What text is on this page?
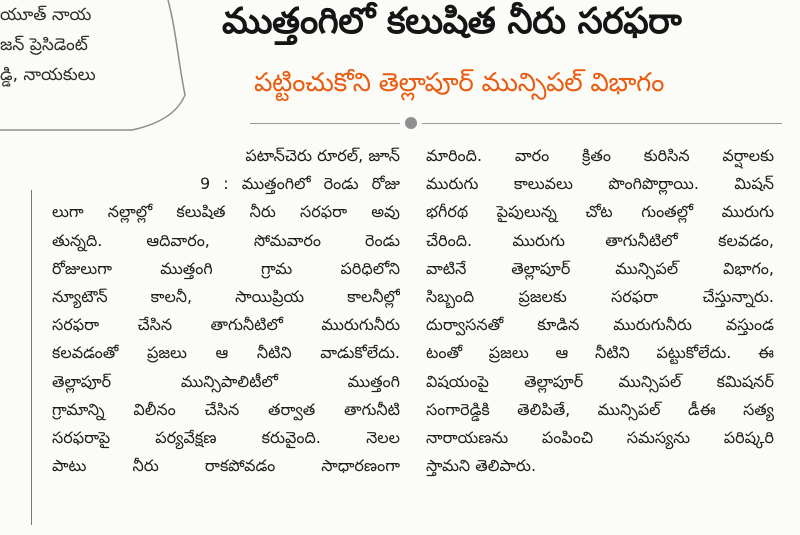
యూత్ నాయ
జన్ ప్రెసిడెంట్
డ్డి, నాయకులు
ముత్తంగిలో కలుషిత నీరు సరఫరా
పట్టించుకోని తెల్లాపూర్ మున్సిపల్ విభాగం
పటాన్‌చెరు రూరల్, జూన్
9 : ముత్తంగిలో రెండు రోజు
లుగా నల్లాల్లో కలుషిత నీరు సరఫరా అవు
తున్నది. ఆదివారం, సోమవారం రెండు
రోజులుగా ముత్తంగి గ్రామ పరిధిలోని
న్యూటౌన్ కాలనీ, సాయిప్రియ కాలనీల్లో
సరఫరా చేసిన తాగునీటిలో మురుగునీరు
కలవడంతో ప్రజలు ఆ నీటిని వాడుకోలేదు.
తెల్లాపూర్ మున్సిపాలిటీలో ముత్తంగి
గ్రామాన్ని విలీనం చేసిన తర్వాత తాగునీటి
సరఫరాపై పర్యవేక్షణ కరువైంది. నెలల
పాటు నీరు రాకపోవడం సాధారణంగా
మారింది. వారం క్రితం కురిసిన వర్షాలకు
మురుగు కాలువలు పొంగిపొర్లాయి. మిషన్
భగీరథ పైపులున్న చోట గుంతల్లో మురుగు
చేరింది. మురుగు తాగునీటిలో కలవడం,
వాటినే తెల్లాపూర్ మున్సిపల్ విభాగం,
సిబ్బంది ప్రజలకు సరఫరా చేస్తున్నారు.
దుర్వాసనతో కూడిన మురుగునీరు వస్తుండ
టంతో ప్రజలు ఆ నీటిని పట్టుకోలేదు. ఈ
విషయంపై తెల్లాపూర్ మున్సిపల్ కమిషనర్
సంగారెడ్డికి తెలిపితే, మున్సిపల్ డీఈ సత్య
నారాయణను పంపించి సమస్యను పరిష్కరి
స్తామని తెలిపారు.
